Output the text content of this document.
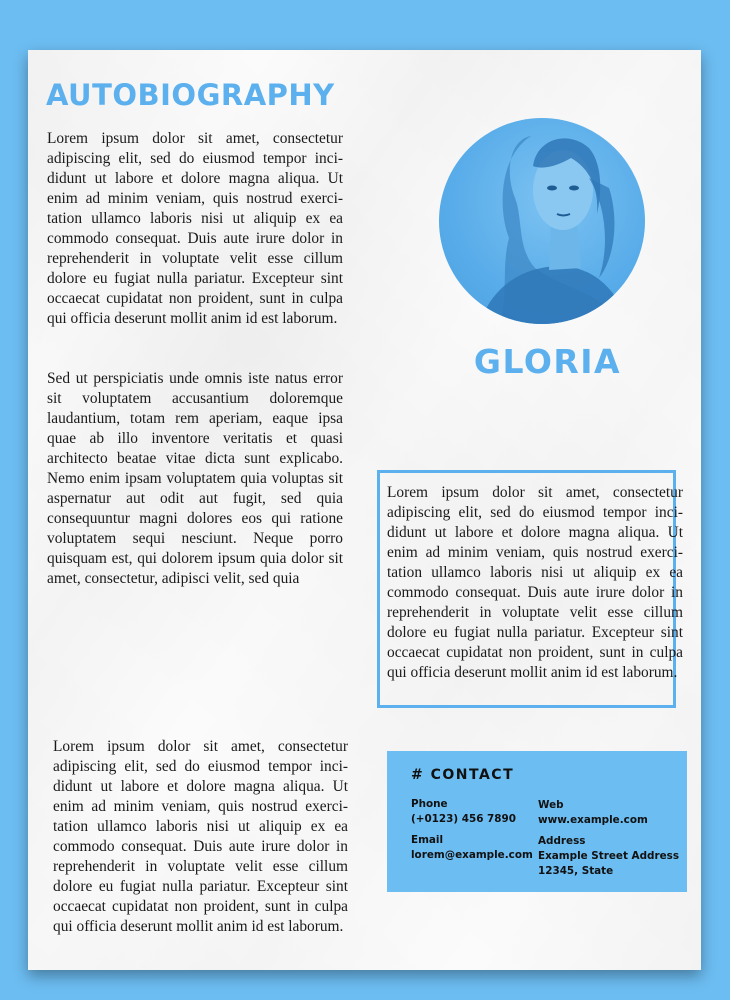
AUTOBIOGRAPHY

Lorem ipsum dolor sit amet, consectetur adipiscing elit, sed do eiusmod tempor incididunt ut labore et dolore magna aliqua. Ut enim ad minim veniam, quis nostrud exercitation ullamco laboris nisi ut aliquip ex ea commodo consequat. Duis aute irure dolor in reprehenderit in voluptate velit esse cillum dolore eu fugiat nulla pariatur. Excepteur sint occaecat cupidatat non proident, sunt in culpa qui officia deserunt mollit anim id est laborum.

Sed ut perspiciatis unde omnis iste natus error sit voluptatem accusantium doloremque laudantium, totam rem aperiam, eaque ipsa quae ab illo inventore veritatis et quasi architecto beatae vitae dicta sunt explicabo. Nemo enim ipsam voluptatem quia voluptas sit aspernatur aut odit aut fugit, sed quia consequuntur magni dolores eos qui ratione voluptatem sequi nesciunt. Neque porro quisquam est, qui dolorem ipsum quia dolor sit amet, consectetur, adipisci velit, sed quia

GLORIA

Lorem ipsum dolor sit amet, consectetur adipiscing elit, sed do eiusmod tempor incididunt ut labore et dolore magna aliqua. Ut enim ad minim veniam, quis nostrud exercitation ullamco laboris nisi ut aliquip ex ea commodo consequat. Duis aute irure dolor in reprehenderit in voluptate velit esse cillum dolore eu fugiat nulla pariatur. Excepteur sint occaecat cupidatat non proident, sunt in culpa qui officia deserunt mollit anim id est laborum.

Lorem ipsum dolor sit amet, consectetur adipiscing elit, sed do eiusmod tempor incididunt ut labore et dolore magna aliqua. Ut enim ad minim veniam, quis nostrud exercitation ullamco laboris nisi ut aliquip ex ea commodo consequat. Duis aute irure dolor in reprehenderit in voluptate velit esse cillum dolore eu fugiat nulla pariatur. Excepteur sint occaecat cupidatat non proident, sunt in culpa qui officia deserunt mollit anim id est laborum.

# CONTACT
Phone
(+0123) 456 7890
Email
lorem@example.com
Web
www.example.com
Address
Example Street Address
12345, State
